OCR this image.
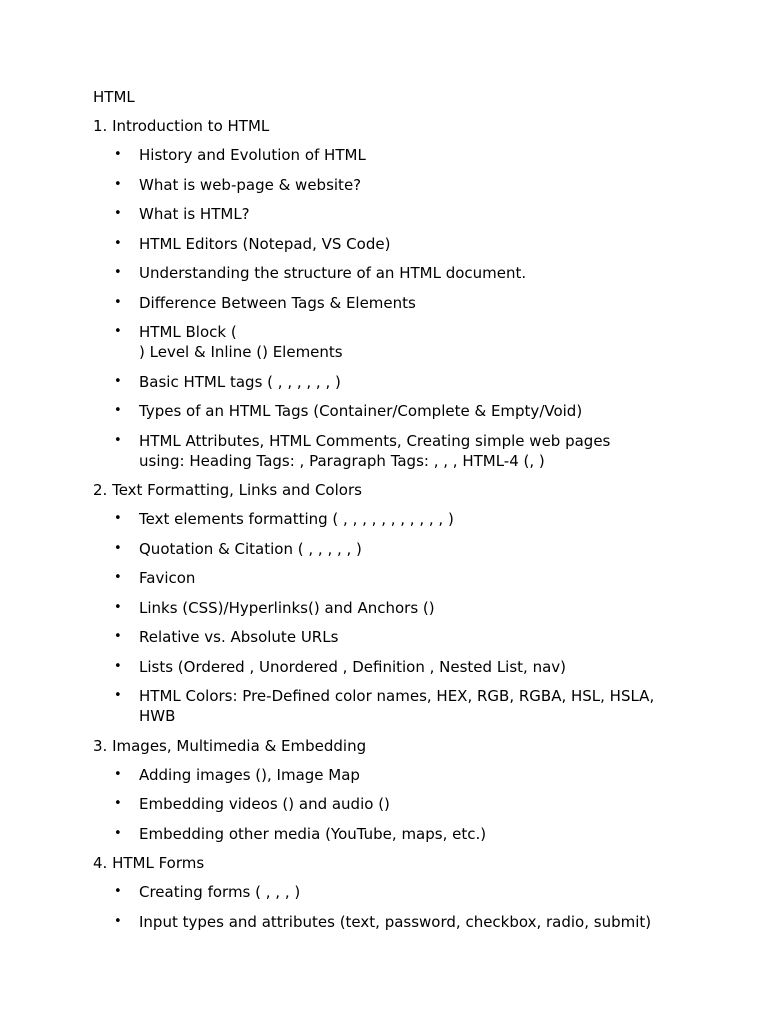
HTML
1. Introduction to HTML
• History and Evolution of HTML
• What is web-page & website?
• What is HTML?
• HTML Editors (Notepad, VS Code)
• Understanding the structure of an HTML document.
• Difference Between Tags & Elements
• HTML Block (
) Level & Inline () Elements
• Basic HTML tags ( , , , , , , )
• Types of an HTML Tags (Container/Complete & Empty/Void)
• HTML Attributes, HTML Comments, Creating simple web pages
using: Heading Tags: , Paragraph Tags: , , , HTML-4 (, )
2. Text Formatting, Links and Colors
• Text elements formatting ( , , , , , , , , , , , )
• Quotation & Citation ( , , , , , )
• Favicon
• Links (CSS)/Hyperlinks() and Anchors ()
• Relative vs. Absolute URLs
• Lists (Ordered , Unordered , Definition , Nested List, nav)
• HTML Colors: Pre-Defined color names, HEX, RGB, RGBA, HSL, HSLA,
HWB
3. Images, Multimedia & Embedding
• Adding images (), Image Map
• Embedding videos () and audio ()
• Embedding other media (YouTube, maps, etc.)
4. HTML Forms
• Creating forms ( , , , )
• Input types and attributes (text, password, checkbox, radio, submit)
